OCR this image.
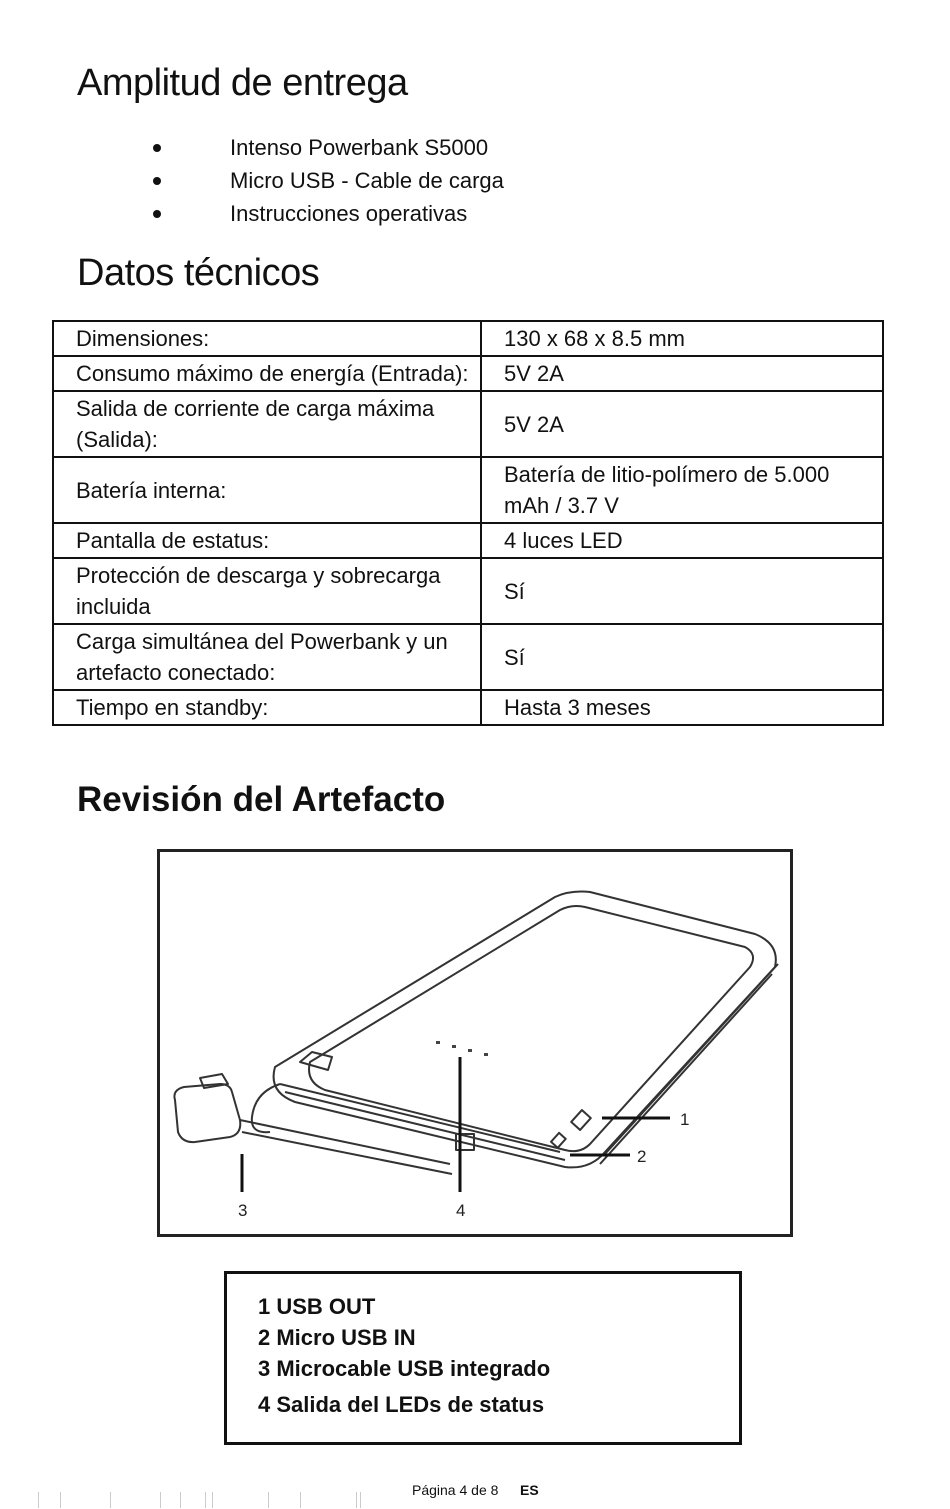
Amplitud de entrega
Intenso Powerbank S5000
Micro USB - Cable de carga
Instrucciones operativas
Datos técnicos
Dimensiones:	130 x 68 x 8.5 mm
Consumo máximo de energía (Entrada):	5V 2A
Salida de corriente de carga máxima (Salida):	5V 2A
Batería interna:	Batería de litio-polímero de 5.000 mAh / 3.7 V
Pantalla de estatus:	4 luces LED
Protección de descarga y sobrecarga incluida	Sí
Carga simultánea del Powerbank y un artefacto conectado:	Sí
Tiempo en standby:	Hasta 3 meses
Revisión del Artefacto
1
2
3	4
1 USB OUT
2 Micro USB IN
3 Microcable USB integrado
4 Salida del LEDs de status
Página 4 de 8 ES
